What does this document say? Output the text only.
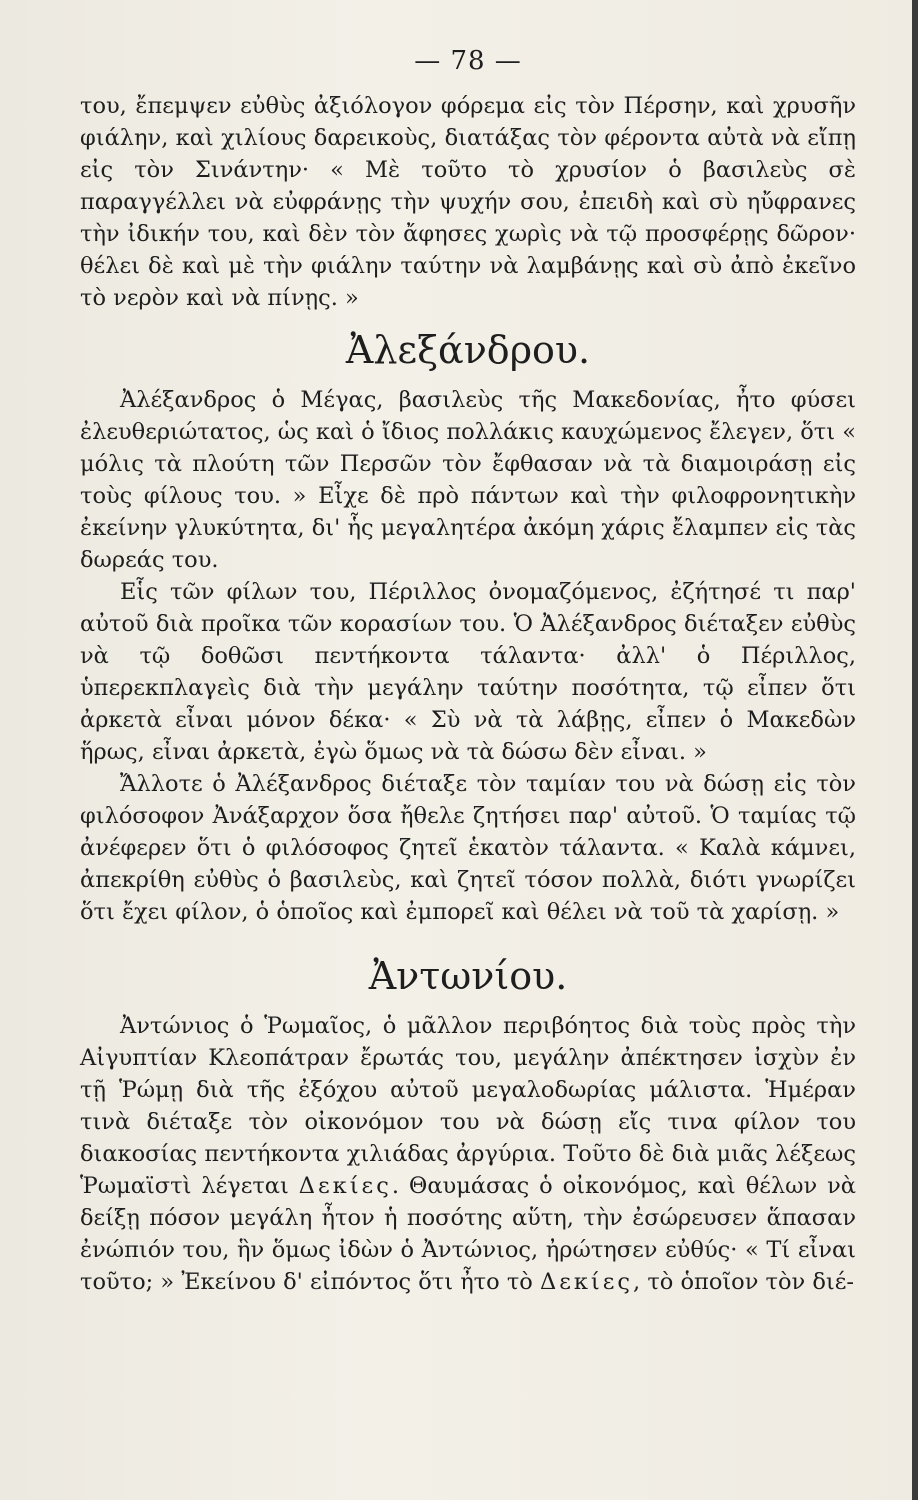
— 78 —

του, ἔπεμψεν εὐθὺς ἀξιόλογον φόρεμα εἰς τὸν Πέρσην, καὶ χρυσῆν φιάλην, καὶ χιλίους δαρεικοὺς, διατάξας τὸν φέροντα αὐτὰ νὰ εἴπῃ εἰς τὸν Σινάντην· « Μὲ τοῦτο τὸ χρυσίον ὁ βασιλεὺς σὲ παραγγέλλει νὰ εὐφράνῃς τὴν ψυχήν σου, ἐπειδὴ καὶ σὺ ηὔφρανες τὴν ἰδικήν του, καὶ δὲν τὸν ἄφησες χωρὶς νὰ τῷ προσφέρῃς δῶρον· θέλει δὲ καὶ μὲ τὴν φιάλην ταύτην νὰ λαμβάνῃς καὶ σὺ ἀπὸ ἐκεῖνο τὸ νερὸν καὶ νὰ πίνῃς. »

Ἀλεξάνδρου.

Ἀλέξανδρος ὁ Μέγας, βασιλεὺς τῆς Μακεδονίας, ἦτο φύσει ἐλευθεριώτατος, ὡς καὶ ὁ ἴδιος πολλάκις καυχώμενος ἔλεγεν, ὅτι « μόλις τὰ πλούτη τῶν Περσῶν τὸν ἔφθασαν νὰ τὰ διαμοιράσῃ εἰς τοὺς φίλους του. » Εἶχε δὲ πρὸ πάντων καὶ τὴν φιλοφρονητικὴν ἐκείνην γλυκύτητα, δι' ἧς μεγαλητέρα ἀκόμη χάρις ἔλαμπεν εἰς τὰς δωρεάς του.

Εἷς τῶν φίλων του, Πέριλλος ὀνομαζόμενος, ἐζήτησέ τι παρ' αὐτοῦ διὰ προῖκα τῶν κορασίων του. Ὁ Ἀλέξανδρος διέταξεν εὐθὺς νὰ τῷ δοθῶσι πεντήκοντα τάλαντα· ἀλλ' ὁ Πέριλλος, ὑπερεκπλαγεὶς διὰ τὴν μεγάλην ταύτην ποσότητα, τῷ εἶπεν ὅτι ἀρκετὰ εἶναι μόνον δέκα· « Σὺ νὰ τὰ λάβῃς, εἶπεν ὁ Μακεδὼν ἥρως, εἶναι ἀρκετὰ, ἐγὼ ὅμως νὰ τὰ δώσω δὲν εἶναι. »

Ἄλλοτε ὁ Ἀλέξανδρος διέταξε τὸν ταμίαν του νὰ δώσῃ εἰς τὸν φιλόσοφον Ἀνάξαρχον ὅσα ἤθελε ζητήσει παρ' αὐτοῦ. Ὁ ταμίας τῷ ἀνέφερεν ὅτι ὁ φιλόσοφος ζητεῖ ἑκατὸν τάλαντα. « Καλὰ κάμνει, ἀπεκρίθη εὐθὺς ὁ βασιλεὺς, καὶ ζητεῖ τόσον πολλὰ, διότι γνωρίζει ὅτι ἔχει φίλον, ὁ ὁποῖος καὶ ἐμπορεῖ καὶ θέλει νὰ τοῦ τὰ χαρίσῃ. »

Ἀντωνίου.

Ἀντώνιος ὁ Ῥωμαῖος, ὁ μᾶλλον περιβόητος διὰ τοὺς πρὸς τὴν Αἰγυπτίαν Κλεοπάτραν ἔρωτάς του, μεγάλην ἀπέκτησεν ἰσχὺν ἐν τῇ Ῥώμῃ διὰ τῆς ἐξόχου αὐτοῦ μεγαλοδωρίας μάλιστα. Ἡμέραν τινὰ διέταξε τὸν οἰκονόμον του νὰ δώσῃ εἴς τινα φίλον του διακοσίας πεντήκοντα χιλιάδας ἀργύρια. Τοῦτο δὲ διὰ μιᾶς λέξεως Ῥωμαϊστὶ λέγεται Δεκίες. Θαυμάσας ὁ οἰκονόμος, καὶ θέλων νὰ δείξῃ πόσον μεγάλη ἦτον ἡ ποσότης αὕτη, τὴν ἐσώρευσεν ἅπασαν ἐνώπιόν του, ἣν ὅμως ἰδὼν ὁ Ἀντώνιος, ἠρώτησεν εὐθύς· « Τί εἶναι τοῦτο; » Ἐκείνου δ' εἰπόντος ὅτι ἦτο τὸ Δεκίες, τὸ ὁποῖον τὸν διέ-
